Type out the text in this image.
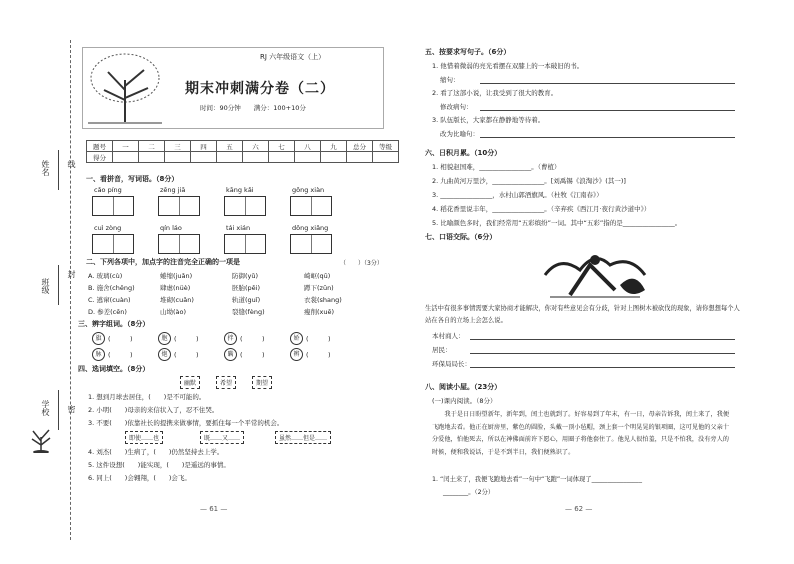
姓名 线
班级
封
学校 密
RJ 六年级语文（上）
期末冲刺满分卷（二）
时间：90分钟　　满分：100+10分
题号	一	二	三	四	五	六	七	八	九	总分	等级
得分											
一、看拼音，写词语。（8分）
cǎo píng	zēng jiā	kāng kǎi	gōng xiàn
cuì zòng	qín láo	tái xián	dōng xiǎng
二、下列各项中，加点字的注音完全正确的一项是	（　　）（3分）
A. 玻璃(cù)	蜷缩(juǎn)	防御(yǔ)	崎岖(qū)
B. 施舍(chěng)	肆虐(nüè)	胚胎(pēi)	蹲下(zūn)
C. 逃窜(cuàn)	堆砌(cuǎn)	轨道(guǐ)	衣裳(shang)
D. 参差(cēn)	山坳(ào)	裂缝(fèng)	瘦削(xuē)
三、辨字组词。（8分）
旗	(　　　)	胞	(　　　)	拌	(　　　)	娇	(　　　)
脉	(　　　)	炮	(　　　)	瞒	(　　　)	辨	(　　　)
四、选词填空。（8分）
幽默	希望	期望
1. 想到月球去居住，(　　)是不可能的。
2. 小明(　　)母亲的来信状入了，忍不住哭。
3. 不要(　　)依靠社长的提携来做事情，要抓住每一个平常的机会。
即使……也	既……又……	虽然……但是……
4. 刘杰(　　)生病了，(　　)仍然坚持去上学。
5. 这件设想(　　)能实现，(　　)是遥远的事情。
6. 同上(　　)会翱翔，(　　)会飞。
— 61 —
五、按要求写句子。（6分）
1. 他惜着微弱的亮光看摆在双膝上的一本破旧的书。
缩句：
2. 看了这部小说，让我受到了很大的教育。
修改病句：
3. 队伍版长，大家都在静静地等待着。
改为比喻句：
六、日积月累。（10分）
1. 相貌赵国难，________________。（曹植）
2. 九曲黄河万里沙，________________。[刘禹锡《浪淘沙》(其一)]
3. ________________，水村山郭酒旗风。（杜牧《江南春》）
4. 稻花香里说丰年，________________。（辛弃疾《西江月·夜行黄沙道中》）
5. 比喻颜色多时，我们经常用“五彩缤纷”一词。其中“五彩”指的是________________。
七、口语交际。（6分）
生活中有很多事情需要大家协商才能解决，你对有些意见会有分歧，针对上图树木被砍伐的现象，请你想想每个人站在各自的立场上会怎么说。
本村商人：
居民：
环保局局长：
八、阅读小屋。（23分）
(一)课内阅读。（8分）
我于是日日盼望新年，新年到，闰土也就到了。好容易到了年末，有一日，母亲告诉我，闰土来了，我便飞跑地去看。他正在厨房里，紫色的圆脸，头戴一顶小毡帽，颈上套一个明晃晃的银项圈，这可见他的父亲十分爱他，怕他死去，所以在神佛面前许下愿心，用圈子将他套住了。他见人很怕羞，只是不怕我，没有旁人的时候，便和我说话，于是不到半日，我们便熟识了。
1. “闰土来了，我便飞跑地去看”一句中“飞跑”一词体现了________________
________。（2分）
— 62 —
